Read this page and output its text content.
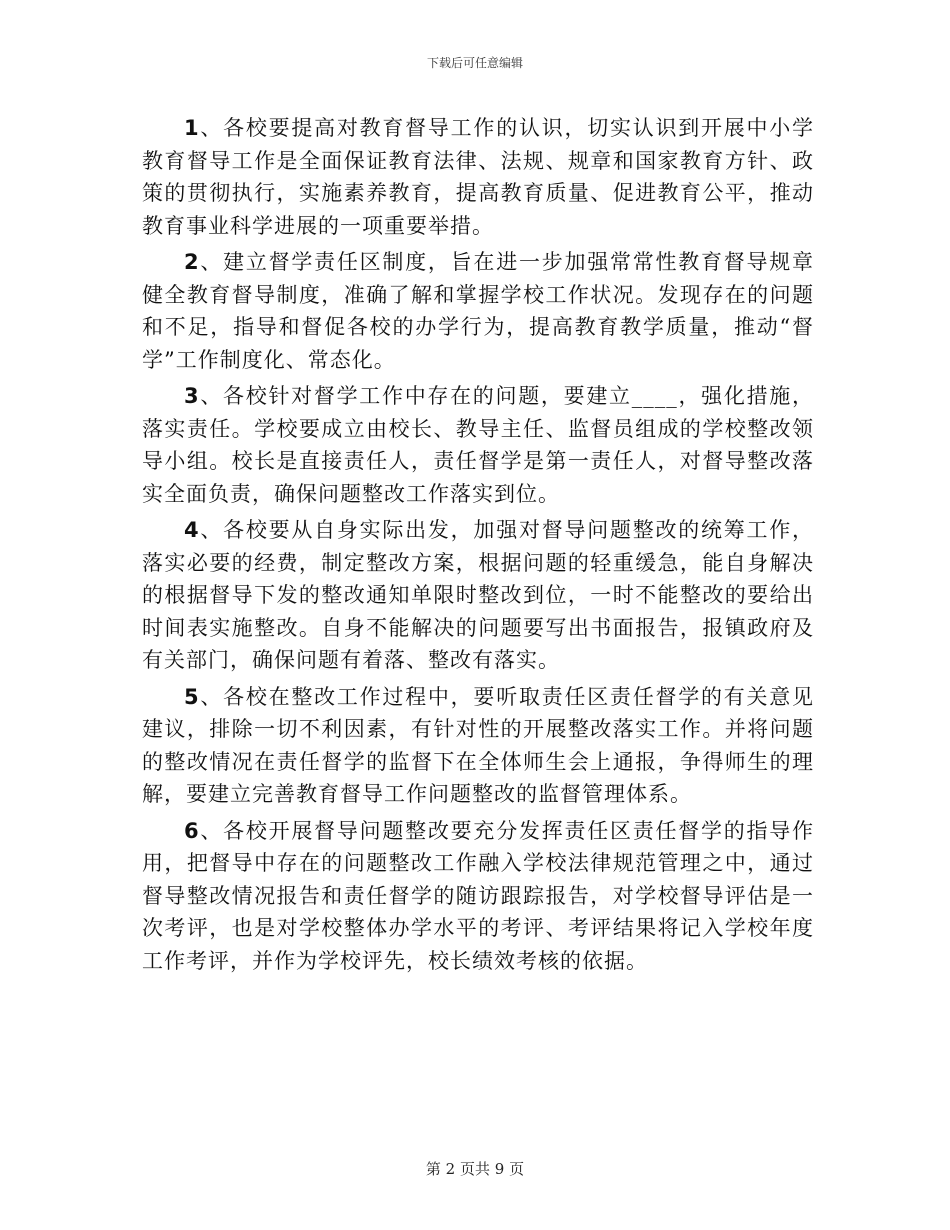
下载后可任意编辑

1、各校要提高对教育督导工作的认识，切实认识到开展中小学教育督导工作是全面保证教育法律、法规、规章和国家教育方针、政策的贯彻执行，实施素养教育，提高教育质量、促进教育公平，推动教育事业科学进展的一项重要举措。

2、建立督学责任区制度，旨在进一步加强常常性教育督导规章健全教育督导制度，准确了解和掌握学校工作状况。发现存在的问题和不足，指导和督促各校的办学行为，提高教育教学质量，推动“督学”工作制度化、常态化。

3、各校针对督学工作中存在的问题，要建立____，强化措施，落实责任。学校要成立由校长、教导主任、监督员组成的学校整改领导小组。校长是直接责任人，责任督学是第一责任人，对督导整改落实全面负责，确保问题整改工作落实到位。

4、各校要从自身实际出发，加强对督导问题整改的统筹工作，落实必要的经费，制定整改方案，根据问题的轻重缓急，能自身解决的根据督导下发的整改通知单限时整改到位，一时不能整改的要给出时间表实施整改。自身不能解决的问题要写出书面报告，报镇政府及有关部门，确保问题有着落、整改有落实。

5、各校在整改工作过程中，要听取责任区责任督学的有关意见建议，排除一切不利因素，有针对性的开展整改落实工作。并将问题的整改情况在责任督学的监督下在全体师生会上通报，争得师生的理解，要建立完善教育督导工作问题整改的监督管理体系。

6、各校开展督导问题整改要充分发挥责任区责任督学的指导作用，把督导中存在的问题整改工作融入学校法律规范管理之中，通过督导整改情况报告和责任督学的随访跟踪报告，对学校督导评估是一次考评，也是对学校整体办学水平的考评、考评结果将记入学校年度工作考评，并作为学校评先，校长绩效考核的依据。

第 2 页共 9 页
